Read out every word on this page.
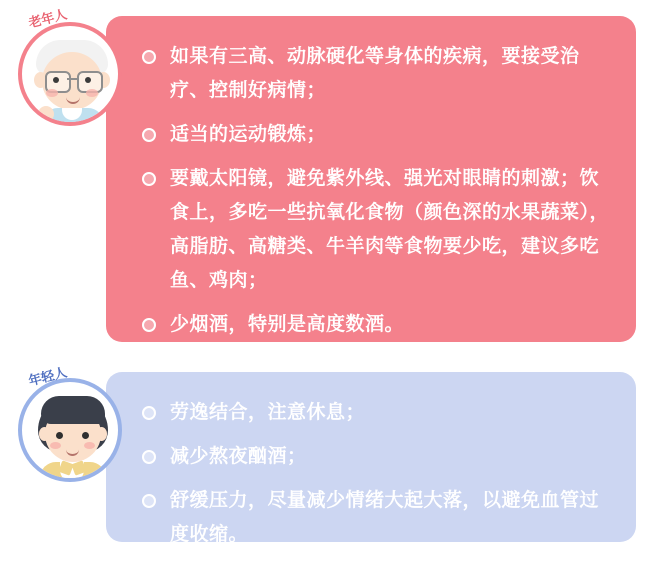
如果有三高、动脉硬化等身体的疾病，要接受治疗、控制好病情；
适当的运动锻炼；
要戴太阳镜，避免紫外线、强光对眼睛的刺激；饮食上，多吃一些抗氧化食物（颜色深的水果蔬菜），高脂肪、高糖类、牛羊肉等食物要少吃，建议多吃鱼、鸡肉；
少烟酒，特别是高度数酒。
老年人
劳逸结合，注意休息；
减少熬夜酗酒；
舒缓压力，尽量减少情绪大起大落，以避免血管过度收缩。
年轻人
